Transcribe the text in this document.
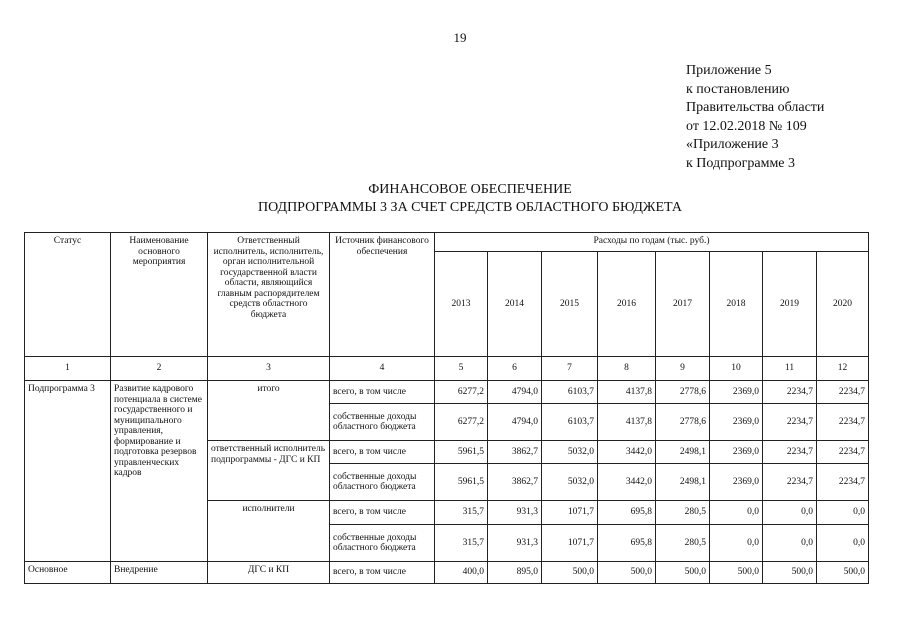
19
Приложение 5
к постановлению
Правительства области
от 12.02.2018 № 109
«Приложение 3
к Подпрограмме 3
ФИНАНСОВОЕ ОБЕСПЕЧЕНИЕ
ПОДПРОГРАММЫ 3 ЗА СЧЕТ СРЕДСТВ ОБЛАСТНОГО БЮДЖЕТА
Статус	Наименование основного мероприятия	Ответственный исполнитель, исполнитель, орган исполнительной государственной власти области, являющийся главным распорядителем средств областного бюджета	Источник финансового обеспечения	Расходы по годам (тыс. руб.)							
				2013	2014	2015	2016	2017	2018	2019	2020
1	2	3	4	5	6	7	8	9	10	11	12
Подпрограмма 3	Развитие кадрового потенциала в системе государственного и муниципального управления, формирование и подготовка резервов управленческих кадров	итого	всего, в том числе	6277,2	4794,0	6103,7	4137,8	2778,6	2369,0	2234,7	2234,7
			собственные доходы областного бюджета	6277,2	4794,0	6103,7	4137,8	2778,6	2369,0	2234,7	2234,7
		ответственный исполнитель подпрограммы - ДГС и КП	всего, в том числе	5961,5	3862,7	5032,0	3442,0	2498,1	2369,0	2234,7	2234,7
			собственные доходы областного бюджета	5961,5	3862,7	5032,0	3442,0	2498,1	2369,0	2234,7	2234,7
		исполнители	всего, в том числе	315,7	931,3	1071,7	695,8	280,5	0,0	0,0	0,0
			собственные доходы областного бюджета	315,7	931,3	1071,7	695,8	280,5	0,0	0,0	0,0
Основное	Внедрение	ДГС и КП	всего, в том числе	400,0	895,0	500,0	500,0	500,0	500,0	500,0	500,0
